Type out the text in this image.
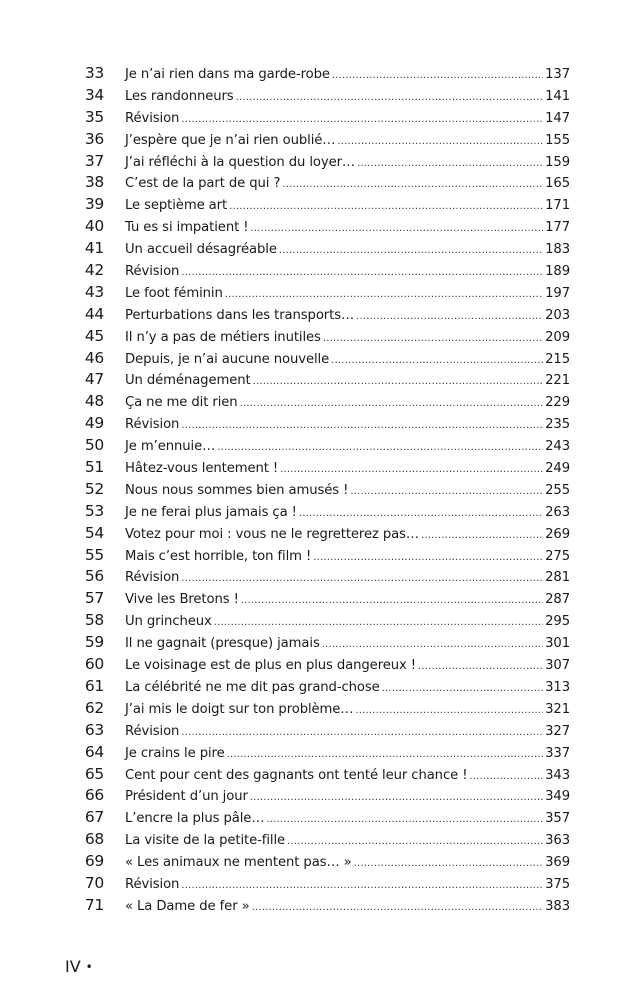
33 Je n’ai rien dans ma garde-robe .....	137
34 Les randonneurs .....	141
35 Révision .....	147
36 J’espère que je n’ai rien oublié… .....	155
37 J’ai réfléchi à la question du loyer… .....	159
38 C’est de la part de qui ? .....	165
39 Le septième art .....	171
40 Tu es si impatient ! .....	177
41 Un accueil désagréable .....	183
42 Révision .....	189
43 Le foot féminin .....	197
44 Perturbations dans les transports… .....	203
45 Il n’y a pas de métiers inutiles .....	209
46 Depuis, je n’ai aucune nouvelle .....	215
47 Un déménagement .....	221
48 Ça ne me dit rien .....	229
49 Révision .....	235
50 Je m’ennuie… .....	243
51 Hâtez-vous lentement ! .....	249
52 Nous nous sommes bien amusés ! .....	255
53 Je ne ferai plus jamais ça ! .....	263
54 Votez pour moi : vous ne le regretterez pas… .....	269
55 Mais c’est horrible, ton film ! .....	275
56 Révision .....	281
57 Vive les Bretons ! .....	287
58 Un grincheux .....	295
59 Il ne gagnait (presque) jamais .....	301
60 Le voisinage est de plus en plus dangereux ! .....	307
61 La célébrité ne me dit pas grand-chose .....	313
62 J’ai mis le doigt sur ton problème… .....	321
63 Révision .....	327
64 Je crains le pire .....	337
65 Cent pour cent des gagnants ont tenté leur chance ! .....	343
66 Président d’un jour .....	349
67 L’encre la plus pâle… .....	357
68 La visite de la petite-fille .....	363
69 « Les animaux ne mentent pas… » .....	369
70 Révision .....	375
71 « La Dame de fer » .....	383
IV •
